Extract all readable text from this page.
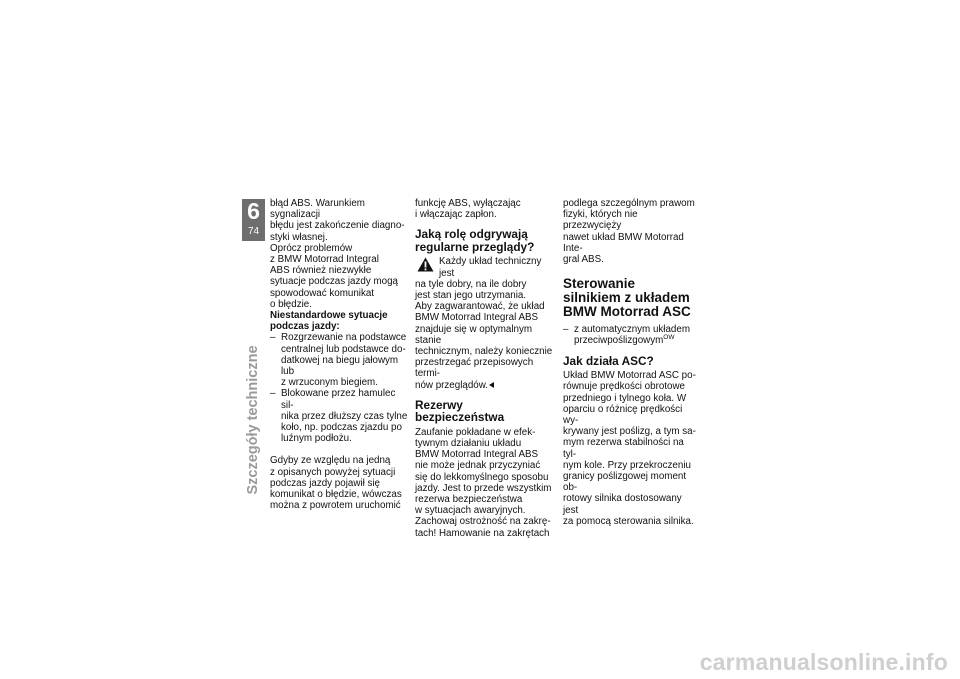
6
74
Szczegóły techniczne

błąd ABS. Warunkiem sygnalizacji
błędu jest zakończenie diagno-
styki własnej.

Oprócz problemów
z BMW Motorrad Integral
ABS również niezwykłe
sytuacje podczas jazdy mogą
spowodować komunikat
o błędzie.

Niestandardowe sytuacje
podczas jazdy:

– Rozgrzewanie na podstawce
centralnej lub podstawce do-
datkowej na biegu jałowym lub
z wrzuconym biegiem.
– Blokowane przez hamulec sil-
nika przez dłuższy czas tylne
koło, np. podczas zjazdu po
luźnym podłożu.

Gdyby ze względu na jedną
z opisanych powyżej sytuacji
podczas jazdy pojawił się
komunikat o błędzie, wówczas
można z powrotem uruchomić

funkcję ABS, wyłączając
i włączając zapłon.

Jaką rolę odgrywają
regularne przeglądy?
Każdy układ techniczny jest
na tyle dobry, na ile dobry
jest stan jego utrzymania.
Aby zagwarantować, że układ
BMW Motorrad Integral ABS
znajduje się w optymalnym stanie
technicznym, należy koniecznie
przestrzegać przepisowych termi-
nów przeglądów.
Rezerwy bezpieczeństwa

Zaufanie pokładane w efek-
tywnym działaniu układu
BMW Motorrad Integral ABS
nie może jednak przyczyniać
się do lekkomyślnego sposobu
jazdy. Jest to przede wszystkim
rezerwa bezpieczeństwa
w sytuacjach awaryjnych.
Zachowaj ostrożność na zakrę-
tach! Hamowanie na zakrętach

podlega szczególnym prawom
fizyki, których nie przezwycięży
nawet układ BMW Motorrad Inte-
gral ABS.

Sterowanie
silnikiem z układem
BMW Motorrad ASC
– z automatycznym układem
przeciwpoślizgowym$^{OW}$
Jak działa ASC?

Układ BMW Motorrad ASC po-
równuje prędkości obrotowe
przedniego i tylnego koła. W
oparciu o różnicę prędkości wy-
krywany jest poślizg, a tym sa-
mym rezerwa stabilności na tyl-
nym kole. Przy przekroczeniu
granicy poślizgowej moment ob-
rotowy silnika dostosowany jest
za pomocą sterowania silnika.

carmanualsonline.info
